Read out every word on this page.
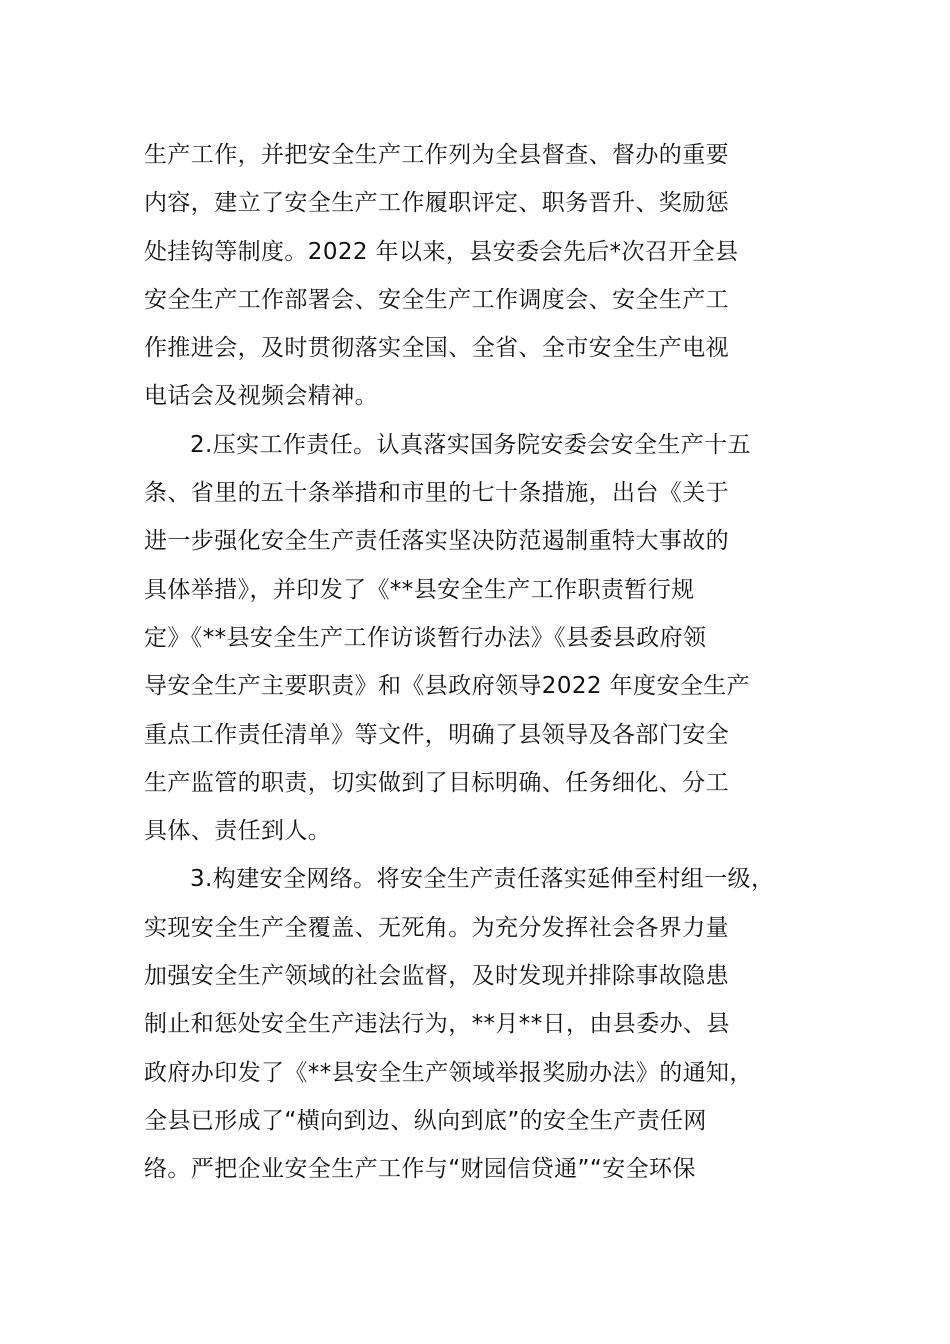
生产工作，并把安全生产工作列为全县督查、督办的重要
内容，建立了安全生产工作履职评定、职务晋升、奖励惩
处挂钩等制度。2022 年以来，县安委会先后*次召开全县
安全生产工作部署会、安全生产工作调度会、安全生产工
作推进会，及时贯彻落实全国、全省、全市安全生产电视
电话会及视频会精神。
2.压实工作责任。认真落实国务院安委会安全生产十五
条、省里的五十条举措和市里的七十条措施，出台《关于
进一步强化安全生产责任落实坚决防范遏制重特大事故的
具体举措》，并印发了《**县安全生产工作职责暂行规
定》《**县安全生产工作访谈暂行办法》《县委县政府领
导安全生产主要职责》和《县政府领导2022 年度安全生产
重点工作责任清单》等文件，明确了县领导及各部门安全
生产监管的职责，切实做到了目标明确、任务细化、分工
具体、责任到人。
3.构建安全网络。将安全生产责任落实延伸至村组一级，
实现安全生产全覆盖、无死角。为充分发挥社会各界力量
加强安全生产领域的社会监督，及时发现并排除事故隐患
制止和惩处安全生产违法行为，**月**日，由县委办、县
政府办印发了《**县安全生产领域举报奖励办法》的通知，
全县已形成了“横向到边、纵向到底”的安全生产责任网
络。严把企业安全生产工作与“财园信贷通”“安全环保
